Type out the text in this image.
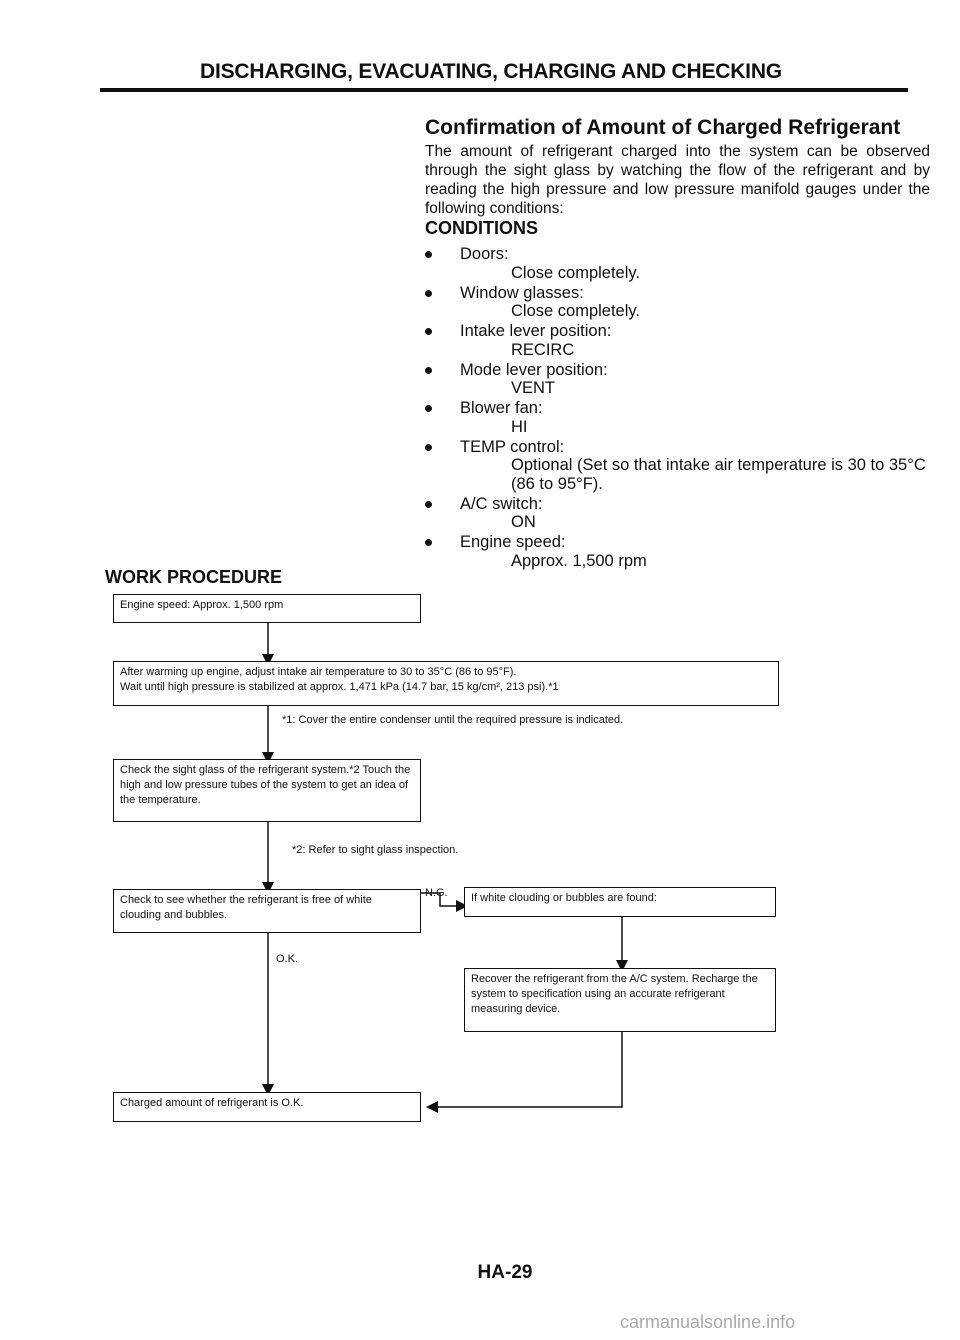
DISCHARGING, EVACUATING, CHARGING AND CHECKING
Confirmation of Amount of Charged Refrigerant
The amount of refrigerant charged into the system can be observed through the sight glass by watching the flow of the refrigerant and by reading the high pressure and low pressure manifold gauges under the following conditions:
CONDITIONS
Doors:
Close completely.
Window glasses:
Close completely.
Intake lever position:
RECIRC
Mode lever position:
VENT
Blower fan:
HI
TEMP control:
Optional (Set so that intake air temperature is 30 to 35°C (86 to 95°F).
A/C switch:
ON
Engine speed:
Approx. 1,500 rpm
WORK PROCEDURE
Engine speed: Approx. 1,500 rpm
After warming up engine, adjust intake air temperature to 30 to 35°C (86 to 95°F).
Wait until high pressure is stabilized at approx. 1,471 kPa (14.7 bar, 15 kg/cm², 213 psi).*1
*1: Cover the entire condenser until the required pressure is indicated.
Check the sight glass of the refrigerant system.*2 Touch the high and low pressure tubes of the system to get an idea of the temperature.
*2: Refer to sight glass inspection.
Check to see whether the refrigerant is free of white clouding and bubbles.
N.G.	If white clouding or bubbles are found:
O.K.
Recover the refrigerant from the A/C system. Recharge the system to specification using an accurate refrigerant measuring device.
Charged amount of refrigerant is O.K.
HA-29
carmanualsonline.info
